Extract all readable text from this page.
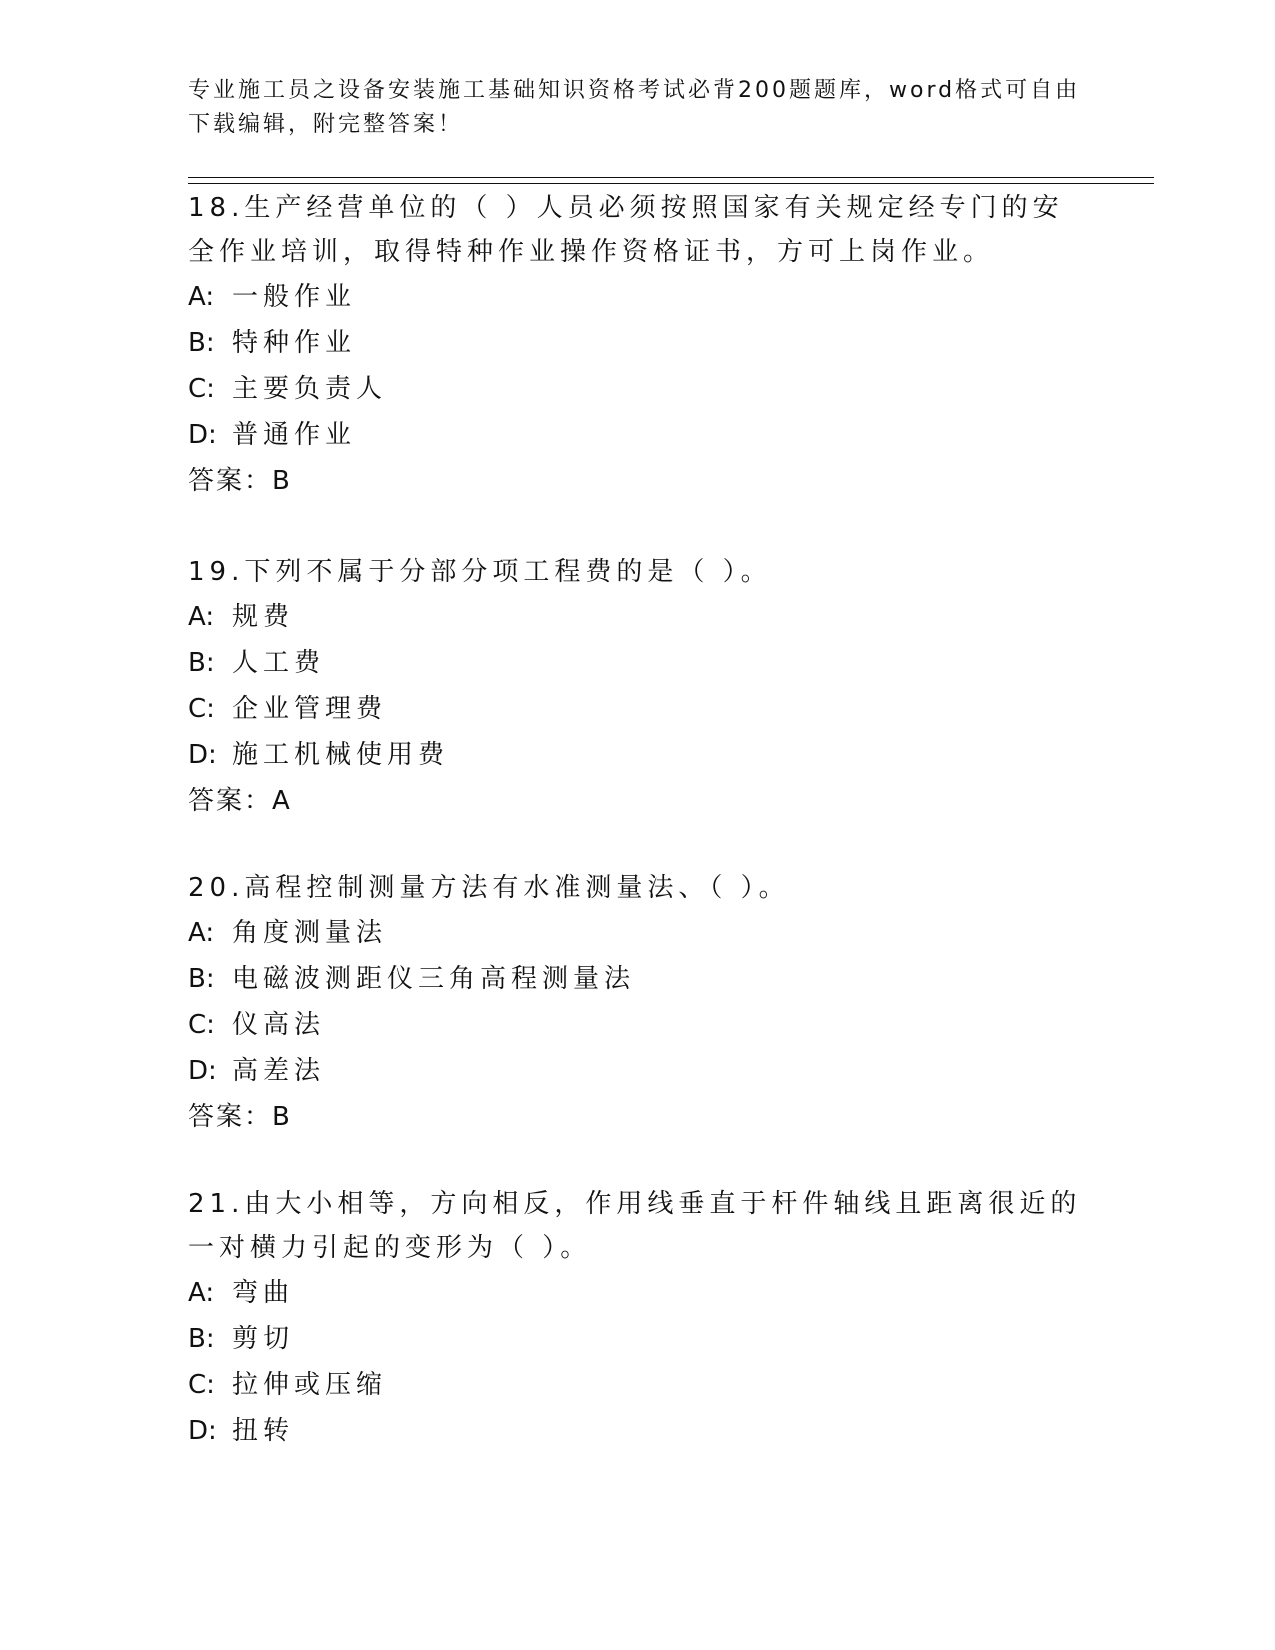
专业施工员之设备安装施工基础知识资格考试必背200题题库，word格式可自由下载编辑，附完整答案！

18.生产经营单位的（ ）人员必须按照国家有关规定经专门的安全作业培训，取得特种作业操作资格证书，方可上岗作业。

A: 一般作业
B: 特种作业
C: 主要负责人
D: 普通作业
答案：B

19.下列不属于分部分项工程费的是（ ）。

A: 规费
B: 人工费
C: 企业管理费
D: 施工机械使用费
答案：A

20.高程控制测量方法有水准测量法、（ ）。

A: 角度测量法
B: 电磁波测距仪三角高程测量法
C: 仪高法
D: 高差法
答案：B

21.由大小相等，方向相反，作用线垂直于杆件轴线且距离很近的一对横力引起的变形为（ ）。

A: 弯曲
B: 剪切
C: 拉伸或压缩
D: 扭转
